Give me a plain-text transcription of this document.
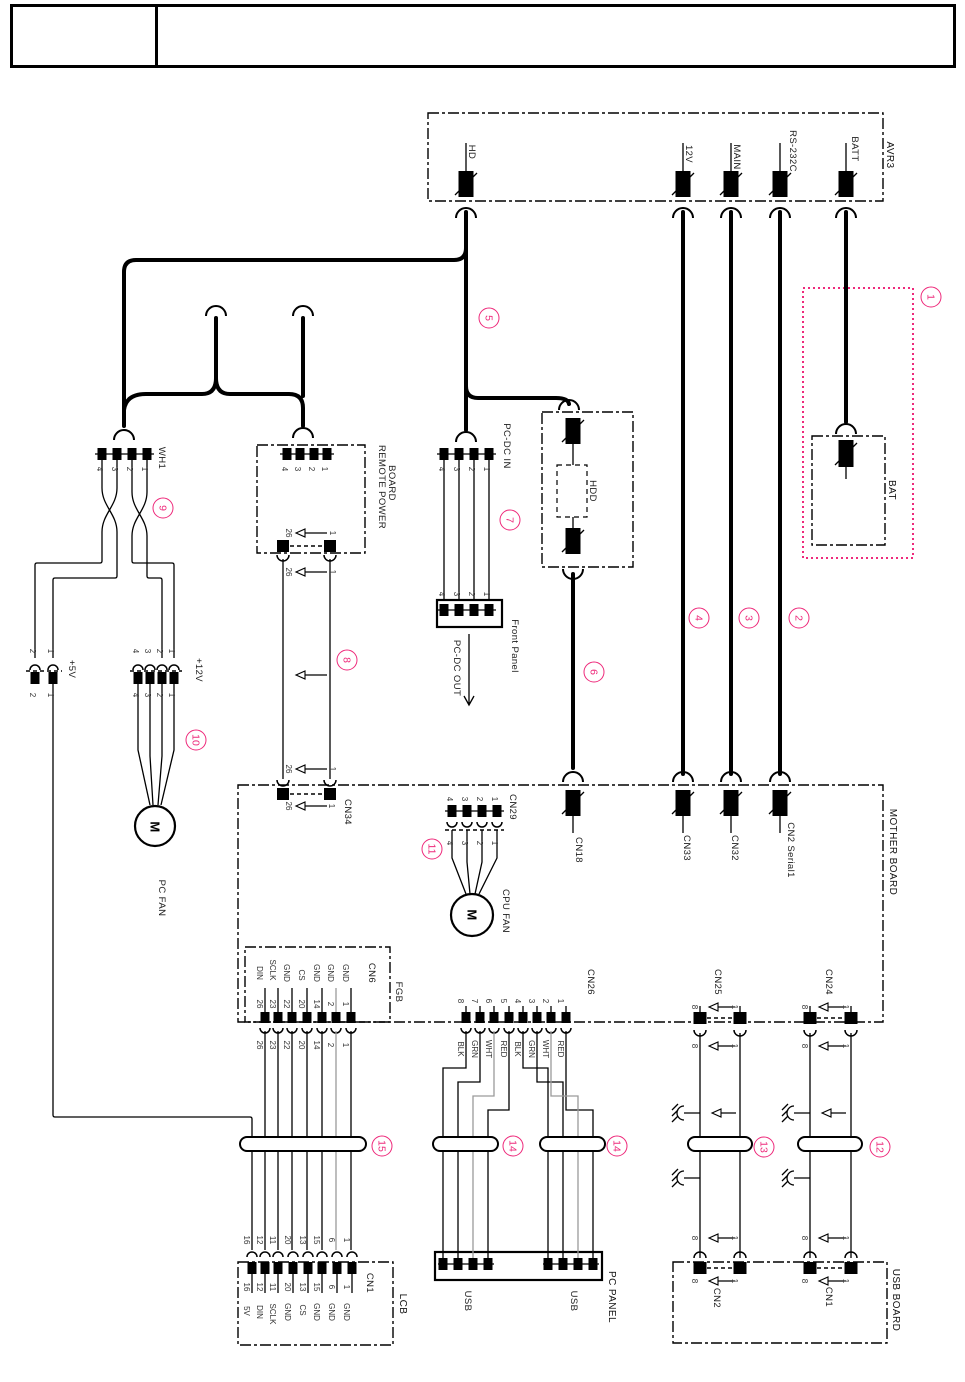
HD	12V	MAIN	RS-232C	BATT AVR3
BAT
WH1
4 3 2 1
+5V
2 1
2 1
+12V
4 3 2 1
4 3 2 1
M
PC FAN
REMOTE POWER BOARD
4 3 2 1
26	1
26	1
26	1
26	1 CN34
PC-DC IN
4 3 2 1
4 3 2 1
Front Panel
PC-DC OUT
HDD
MOTHER BOARD
CN18	CN33	CN32	CN2 Serial1
CN29
4 3 2 1
4 3 2 1
M CPU FAN
CN6
FGB
DIN SCLK GND CS GND GND GND
26 23 22 20 14 2 1
26 23 22 20 14 2 1
16 12 11 20 13 15 6 1
16 12 11 20 13 15 6 1
5V DIN SCLK GND CS GND GND GND
CN1
LCB
CN26
8 7 6 5 4 3 2 1
BLK GRN WHT RED BLK GRN WHT RED
USB	USB	PC PANEL
CN25
8	1
8	1
CN24
8	1
8	1
8	1
8	1
CN2
8	1
8	1
CN1	USB BOARD
1
2
3
4
5
6
7
8
9
10
11
12
13
14	14
15
